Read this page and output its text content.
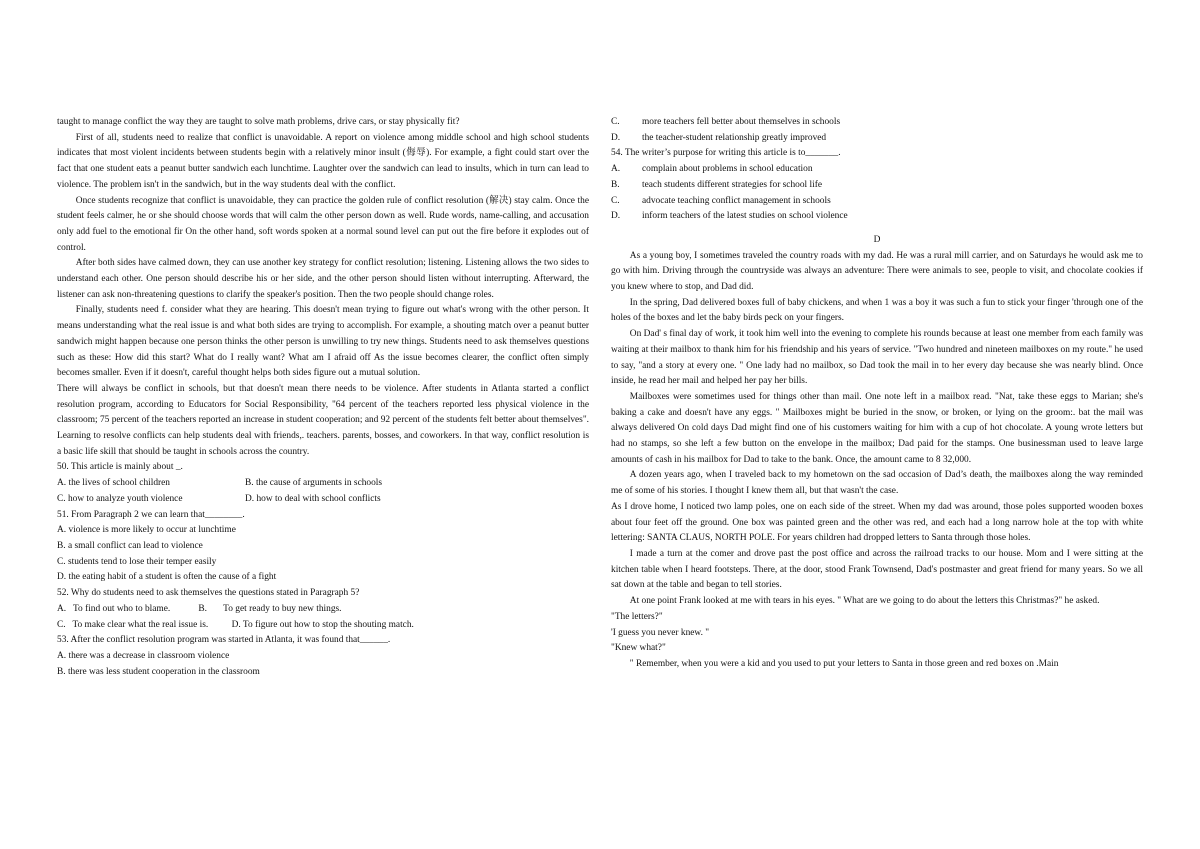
taught to manage conflict the way they are taught to solve math problems, drive cars, or stay physically fit?

First of all, students need to realize that conflict is unavoidable. A report on violence among middle school and high school students indicates that most violent incidents between students begin with a relatively minor insult (侮辱). For example, a fight could start over the fact that one student eats a peanut butter sandwich each lunchtime. Laughter over the sandwich can lead to insults, which in turn can lead to violence. The problem isn't in the sandwich, but in the way students deal with the conflict.

Once students recognize that conflict is unavoidable, they can practice the golden rule of conflict resolution (解决) stay calm. Once the student feels calmer, he or she should choose words that will calm the other person down as well. Rude words, name-calling, and accusation only add fuel to the emotional fir On the other hand, soft words spoken at a normal sound level can put out the fire before it explodes out of control.

After both sides have calmed down, they can use another key strategy for conflict resolution; listening. Listening allows the two sides to understand each other. One person should describe his or her side, and the other person should listen without interrupting. Afterward, the listener can ask non-threatening questions to clarify the speaker's position. Then the two people should change roles.

Finally, students need f. consider what they are hearing. This doesn't mean trying to figure out what's wrong with the other person. It means understanding what the real issue is and what both sides are trying to accomplish. For example, a shouting match over a peanut butter sandwich might happen because one person thinks the other person is unwilling to try new things. Students need to ask themselves questions such as these: How did this start? What do I really want? What am I afraid off As the issue becomes clearer, the conflict often simply becomes smaller. Even if it doesn't, careful thought helps both sides figure out a mutual solution.

There will always be conflict in schools, but that doesn't mean there needs to be violence. After students in Atlanta started a conflict resolution program, according to Educators for Social Responsibility, "64 percent of the teachers reported less physical violence in the classroom; 75 percent of the teachers reported an increase in student cooperation; and 92 percent of the students felt better about themselves". Learning to resolve conflicts can help students deal with friends,. teachers. parents, bosses, and coworkers. In that way, conflict resolution is a basic life skill that should be taught in schools across the country.

50. This article is mainly about _.

A. the lives of school children	B. the cause of arguments in schools
C. how to analyze youth violence	D. how to deal with school conflicts

51. From Paragraph 2 we can learn that________.

A. violence is more likely to occur at lunchtime

B. a small conflict can lead to violence

C. students tend to lose their temper easily

D. the eating habit of a student is often the cause of a fight

52. Why do students need to ask themselves the questions stated in Paragraph 5?

A.   To find out who to blame.            B.       To get ready to buy new things.

C.   To make clear what the real issue is.          D. To figure out how to stop the shouting match.

53. After the conflict resolution program was started in Atlanta, it was found that______.

A. there was a decrease in classroom violence

B. there was less student cooperation in the classroom

C.	more teachers fell better about themselves in schools
D.	the teacher-student relationship greatly improved

54. The writer’s purpose for writing this article is to_______.

A.	complain about problems in school education
B.	teach students different strategies for school life
C.	advocate teaching conflict management in schools
D.	inform teachers of the latest studies on school violence

D

As a young boy, I sometimes traveled the country roads with my dad. He was a rural mill carrier, and on Saturdays he would ask me to go with him. Driving through the countryside was always an adventure: There were animals to see, people to visit, and chocolate cookies if you knew where to stop, and Dad did.

In the spring, Dad delivered boxes full of baby chickens, and when 1 was a boy it was such a fun to stick your finger 'through one of the holes of the boxes and let the baby birds peck on your fingers.

On Dad' s final day of work, it took him well into the evening to complete his rounds because at least one member from each family was waiting at their mailbox to thank him for his friendship and his years of service. "Two hundred and nineteen mailboxes on my route." he used to say, "and a story at every one. " One lady had no mailbox, so Dad took the mail in to her every day because she was nearly blind. Once inside, he read her mail and helped her pay her bills.

Mailboxes were sometimes used for things other than mail. One note left in a mailbox read. "Nat, take these eggs to Marian; she's baking a cake and doesn't have any eggs. " Mailboxes might be buried in the snow, or broken, or lying on the groom:. bat the mail was always delivered On cold days Dad might find one of his customers waiting for him with a cup of hot chocolate. A young wrote letters but had no stamps, so she left a few button on the envelope in the mailbox; Dad paid for the stamps. One businessman used to leave large amounts of cash in his mailbox for Dad to take to the bank. Once, the amount came to 8 32,000.

A dozen years ago, when I traveled back to my hometown on the sad occasion of Dad’s death, the mailboxes along the way reminded me of some of his stories. I thought I knew them all, but that wasn't the case.

As I drove home, I noticed two lamp poles, one on each side of the street. When my dad was around, those poles supported wooden boxes about four feet off the ground. One box was painted green and the other was red, and each had a long narrow hole at the top with white lettering: SANTA CLAUS, NORTH POLE. For years children had dropped letters to Santa through those holes.

I made a turn at the comer and drove past the post office and across the railroad tracks to our house. Mom and I were sitting at the kitchen table when I heard footsteps. There, at the door, stood Frank Townsend, Dad's postmaster and great friend for many years. So we all sat down at the table and began to tell stories.

At one point Frank looked at me with tears in his eyes. " What are we going to do about the letters this Christmas?" he asked.

"The letters?"

'I guess you never knew. "

"Knew what?"

" Remember, when you were a kid and you used to put your letters to Santa in those green and red boxes on .Main
